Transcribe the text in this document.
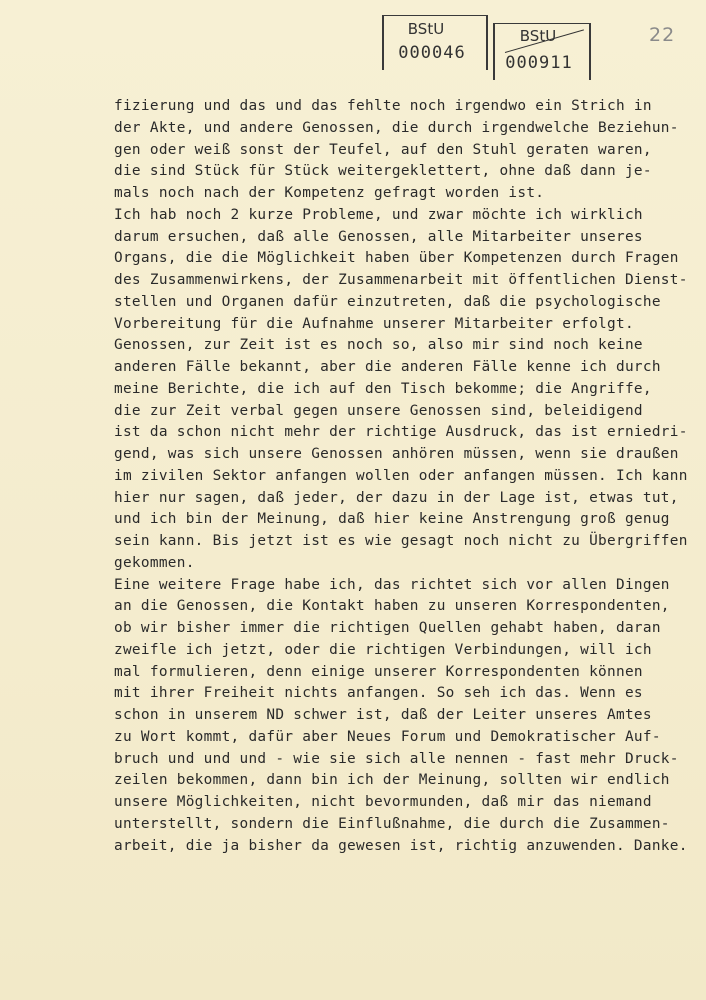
BStU
000046
BStU
000911
22
fizierung und das und das fehlte noch irgendwo ein Strich in
der Akte, und andere Genossen, die durch irgendwelche Beziehun-
gen oder weiß sonst der Teufel, auf den Stuhl geraten waren,
die sind Stück für Stück weitergeklettert, ohne daß dann je-
mals noch nach der Kompetenz gefragt worden ist.
Ich hab noch 2 kurze Probleme, und zwar möchte ich wirklich
darum ersuchen, daß alle Genossen, alle Mitarbeiter unseres
Organs, die die Möglichkeit haben über Kompetenzen durch Fragen
des Zusammenwirkens, der Zusammenarbeit mit öffentlichen Dienst-
stellen und Organen dafür einzutreten, daß die psychologische
Vorbereitung für die Aufnahme unserer Mitarbeiter erfolgt.
Genossen, zur Zeit ist es noch so, also mir sind noch keine
anderen Fälle bekannt, aber die anderen Fälle kenne ich durch
meine Berichte, die ich auf den Tisch bekomme; die Angriffe,
die zur Zeit verbal gegen unsere Genossen sind, beleidigend
ist da schon nicht mehr der richtige Ausdruck, das ist erniedri-
gend, was sich unsere Genossen anhören müssen, wenn sie draußen
im zivilen Sektor anfangen wollen oder anfangen müssen. Ich kann
hier nur sagen, daß jeder, der dazu in der Lage ist, etwas tut,
und ich bin der Meinung, daß hier keine Anstrengung groß genug
sein kann. Bis jetzt ist es wie gesagt noch nicht zu Übergriffen
gekommen.
Eine weitere Frage habe ich, das richtet sich vor allen Dingen
an die Genossen, die Kontakt haben zu unseren Korrespondenten,
ob wir bisher immer die richtigen Quellen gehabt haben, daran
zweifle ich jetzt, oder die richtigen Verbindungen, will ich
mal formulieren, denn einige unserer Korrespondenten können
mit ihrer Freiheit nichts anfangen. So seh ich das. Wenn es
schon in unserem ND schwer ist, daß der Leiter unseres Amtes
zu Wort kommt, dafür aber Neues Forum und Demokratischer Auf-
bruch und und und - wie sie sich alle nennen - fast mehr Druck-
zeilen bekommen, dann bin ich der Meinung, sollten wir endlich
unsere Möglichkeiten, nicht bevormunden, daß mir das niemand
unterstellt, sondern die Einflußnahme, die durch die Zusammen-
arbeit, die ja bisher da gewesen ist, richtig anzuwenden. Danke.
